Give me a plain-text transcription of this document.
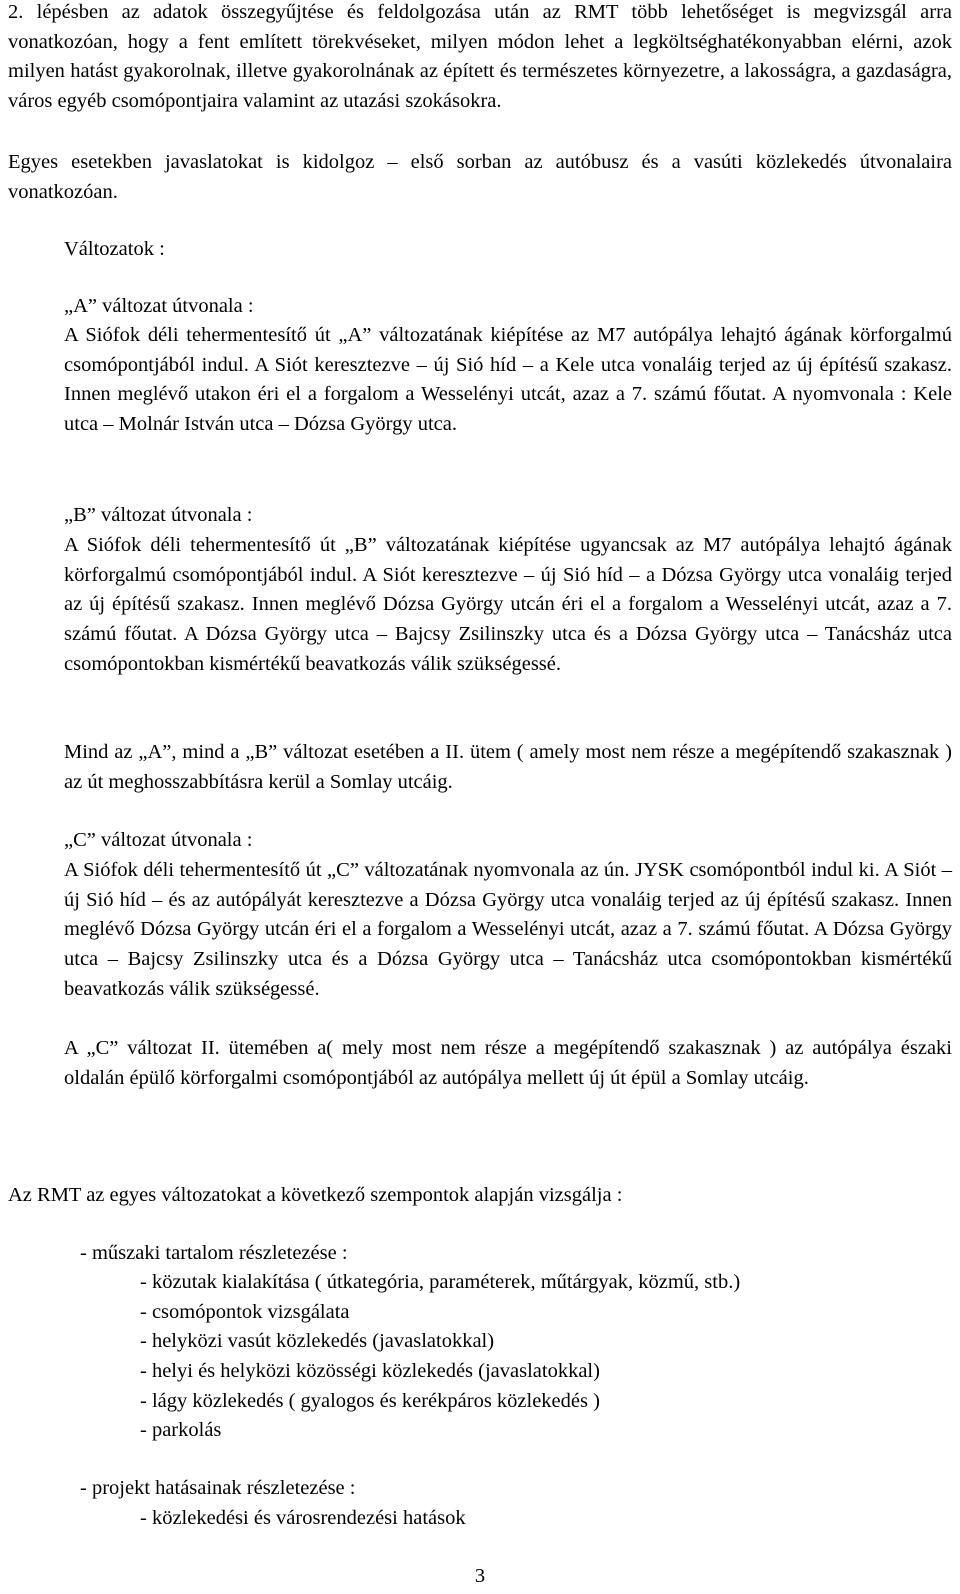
2. lépésben az adatok összegyűjtése és feldolgozása után az RMT több lehetőséget is megvizsgál arra vonatkozóan, hogy a fent említett törekvéseket, milyen módon lehet a legköltséghatékonyabban elérni, azok milyen hatást gyakorolnak, illetve gyakorolnának az épített és természetes környezetre, a lakosságra, a gazdaságra, város egyéb csomópontjaira valamint az utazási szokásokra.

Egyes esetekben javaslatokat is kidolgoz – első sorban az autóbusz és a vasúti közlekedés útvonalaira vonatkozóan.

Változatok :

„A” változat útvonala :

A Siófok déli tehermentesítő út „A” változatának kiépítése az M7 autópálya lehajtó ágának körforgalmú csomópontjából indul. A Siót keresztezve – új Sió híd – a Kele utca vonaláig terjed az új építésű szakasz. Innen meglévő utakon éri el a forgalom a Wesselényi utcát, azaz a 7. számú főutat. A nyomvonala : Kele utca – Molnár István utca – Dózsa György utca.

„B” változat útvonala :

A Siófok déli tehermentesítő út „B” változatának kiépítése ugyancsak az M7 autópálya lehajtó ágának körforgalmú csomópontjából indul. A Siót keresztezve – új Sió híd – a Dózsa György utca vonaláig terjed az új építésű szakasz. Innen meglévő Dózsa György utcán éri el a forgalom a Wesselényi utcát, azaz a 7. számú főutat. A Dózsa György utca – Bajcsy Zsilinszky utca és a Dózsa György utca – Tanácsház utca csomópontokban kismértékű beavatkozás válik szükségessé.

Mind az „A”, mind a „B” változat esetében a II. ütem ( amely most nem része a megépítendő szakasznak ) az út meghosszabbításra kerül a Somlay utcáig.

„C” változat útvonala :

A Siófok déli tehermentesítő út „C” változatának nyomvonala az ún. JYSK csomópontból indul ki. A Siót – új Sió híd – és az autópályát keresztezve a Dózsa György utca vonaláig terjed az új építésű szakasz. Innen meglévő Dózsa György utcán éri el a forgalom a Wesselényi utcát, azaz a 7. számú főutat. A Dózsa György utca – Bajcsy Zsilinszky utca és a Dózsa György utca – Tanácsház utca csomópontokban kismértékű beavatkozás válik szükségessé.

A „C” változat II. ütemében a( mely most nem része a megépítendő szakasznak ) az autópálya északi oldalán épülő körforgalmi csomópontjából az autópálya mellett új út épül a Somlay utcáig.

Az RMT az egyes változatokat a következő szempontok alapján vizsgálja :

- műszaki tartalom részletezése :

- közutak kialakítása ( útkategória, paraméterek, műtárgyak, közmű, stb.)

- csomópontok vizsgálata

- helyközi vasút közlekedés (javaslatokkal)

- helyi és helyközi közösségi közlekedés (javaslatokkal)

- lágy közlekedés ( gyalogos és kerékpáros közlekedés )

- parkolás

- projekt hatásainak részletezése :

- közlekedési és városrendezési hatások

3
